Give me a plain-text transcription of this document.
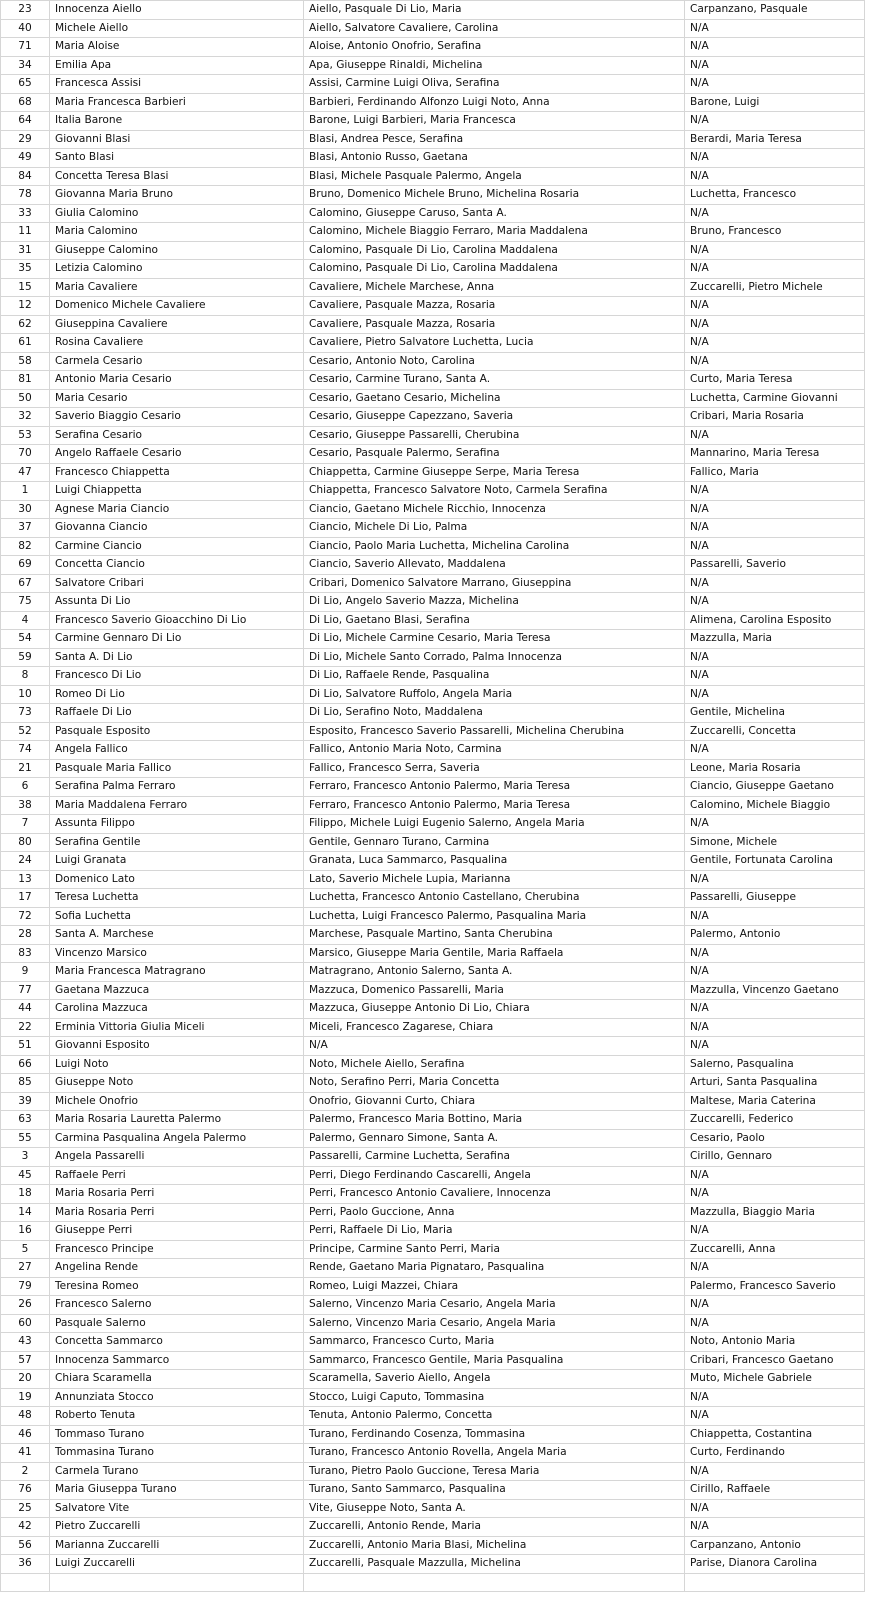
23	Innocenza Aiello	Aiello, Pasquale Di Lio, Maria	Carpanzano, Pasquale
40	Michele Aiello	Aiello, Salvatore Cavaliere, Carolina	N/A
71	Maria Aloise	Aloise, Antonio Onofrio, Serafina	N/A
34	Emilia Apa	Apa, Giuseppe Rinaldi, Michelina	N/A
65	Francesca Assisi	Assisi, Carmine Luigi Oliva, Serafina	N/A
68	Maria Francesca Barbieri	Barbieri, Ferdinando Alfonzo Luigi Noto, Anna	Barone, Luigi
64	Italia Barone	Barone, Luigi Barbieri, Maria Francesca	N/A
29	Giovanni Blasi	Blasi, Andrea Pesce, Serafina	Berardi, Maria Teresa
49	Santo Blasi	Blasi, Antonio Russo, Gaetana	N/A
84	Concetta Teresa Blasi	Blasi, Michele Pasquale Palermo, Angela	N/A
78	Giovanna Maria Bruno	Bruno, Domenico Michele Bruno, Michelina Rosaria	Luchetta, Francesco
33	Giulia Calomino	Calomino, Giuseppe Caruso, Santa A.	N/A
11	Maria Calomino	Calomino, Michele Biaggio Ferraro, Maria Maddalena	Bruno, Francesco
31	Giuseppe Calomino	Calomino, Pasquale Di Lio, Carolina Maddalena	N/A
35	Letizia Calomino	Calomino, Pasquale Di Lio, Carolina Maddalena	N/A
15	Maria Cavaliere	Cavaliere, Michele Marchese, Anna	Zuccarelli, Pietro Michele
12	Domenico Michele Cavaliere	Cavaliere, Pasquale Mazza, Rosaria	N/A
62	Giuseppina Cavaliere	Cavaliere, Pasquale Mazza, Rosaria	N/A
61	Rosina Cavaliere	Cavaliere, Pietro Salvatore Luchetta, Lucia	N/A
58	Carmela Cesario	Cesario, Antonio Noto, Carolina	N/A
81	Antonio Maria Cesario	Cesario, Carmine Turano, Santa A.	Curto, Maria Teresa
50	Maria Cesario	Cesario, Gaetano Cesario, Michelina	Luchetta, Carmine Giovanni
32	Saverio Biaggio Cesario	Cesario, Giuseppe Capezzano, Saveria	Cribari, Maria Rosaria
53	Serafina Cesario	Cesario, Giuseppe Passarelli, Cherubina	N/A
70	Angelo Raffaele Cesario	Cesario, Pasquale Palermo, Serafina	Mannarino, Maria Teresa
47	Francesco Chiappetta	Chiappetta, Carmine Giuseppe Serpe, Maria Teresa	Fallico, Maria
1	Luigi Chiappetta	Chiappetta, Francesco Salvatore Noto, Carmela Serafina	N/A
30	Agnese Maria Ciancio	Ciancio, Gaetano Michele Ricchio, Innocenza	N/A
37	Giovanna Ciancio	Ciancio, Michele Di Lio, Palma	N/A
82	Carmine Ciancio	Ciancio, Paolo Maria Luchetta, Michelina Carolina	N/A
69	Concetta Ciancio	Ciancio, Saverio Allevato, Maddalena	Passarelli, Saverio
67	Salvatore Cribari	Cribari, Domenico Salvatore Marrano, Giuseppina	N/A
75	Assunta Di Lio	Di Lio, Angelo Saverio Mazza, Michelina	N/A
4	Francesco Saverio Gioacchino Di Lio	Di Lio, Gaetano Blasi, Serafina	Alimena, Carolina Esposito
54	Carmine Gennaro Di Lio	Di Lio, Michele Carmine Cesario, Maria Teresa	Mazzulla, Maria
59	Santa A. Di Lio	Di Lio, Michele Santo Corrado, Palma Innocenza	N/A
8	Francesco Di Lio	Di Lio, Raffaele Rende, Pasqualina	N/A
10	Romeo Di Lio	Di Lio, Salvatore Ruffolo, Angela Maria	N/A
73	Raffaele Di Lio	Di Lio, Serafino Noto, Maddalena	Gentile, Michelina
52	Pasquale Esposito	Esposito, Francesco Saverio Passarelli, Michelina Cherubina	Zuccarelli, Concetta
74	Angela Fallico	Fallico, Antonio Maria Noto, Carmina	N/A
21	Pasquale Maria Fallico	Fallico, Francesco Serra, Saveria	Leone, Maria Rosaria
6	Serafina Palma Ferraro	Ferraro, Francesco Antonio Palermo, Maria Teresa	Ciancio, Giuseppe Gaetano
38	Maria Maddalena Ferraro	Ferraro, Francesco Antonio Palermo, Maria Teresa	Calomino, Michele Biaggio
7	Assunta Filippo	Filippo, Michele Luigi Eugenio Salerno, Angela Maria	N/A
80	Serafina Gentile	Gentile, Gennaro Turano, Carmina	Simone, Michele
24	Luigi Granata	Granata, Luca Sammarco, Pasqualina	Gentile, Fortunata Carolina
13	Domenico Lato	Lato, Saverio Michele Lupia, Marianna	N/A
17	Teresa Luchetta	Luchetta, Francesco Antonio Castellano, Cherubina	Passarelli, Giuseppe
72	Sofia Luchetta	Luchetta, Luigi Francesco Palermo, Pasqualina Maria	N/A
28	Santa A. Marchese	Marchese, Pasquale Martino, Santa Cherubina	Palermo, Antonio
83	Vincenzo Marsico	Marsico, Giuseppe Maria Gentile, Maria Raffaela	N/A
9	Maria Francesca Matragrano	Matragrano, Antonio Salerno, Santa A.	N/A
77	Gaetana Mazzuca	Mazzuca, Domenico Passarelli, Maria	Mazzulla, Vincenzo Gaetano
44	Carolina Mazzuca	Mazzuca, Giuseppe Antonio Di Lio, Chiara	N/A
22	Erminia Vittoria Giulia Miceli	Miceli, Francesco Zagarese, Chiara	N/A
51	Giovanni Esposito	N/A	N/A
66	Luigi Noto	Noto, Michele Aiello, Serafina	Salerno, Pasqualina
85	Giuseppe Noto	Noto, Serafino Perri, Maria Concetta	Arturi, Santa Pasqualina
39	Michele Onofrio	Onofrio, Giovanni Curto, Chiara	Maltese, Maria Caterina
63	Maria Rosaria Lauretta Palermo	Palermo, Francesco Maria Bottino, Maria	Zuccarelli, Federico
55	Carmina Pasqualina Angela Palermo	Palermo, Gennaro Simone, Santa A.	Cesario, Paolo
3	Angela Passarelli	Passarelli, Carmine Luchetta, Serafina	Cirillo, Gennaro
45	Raffaele Perri	Perri, Diego Ferdinando Cascarelli, Angela	N/A
18	Maria Rosaria Perri	Perri, Francesco Antonio Cavaliere, Innocenza	N/A
14	Maria Rosaria Perri	Perri, Paolo Guccione, Anna	Mazzulla, Biaggio Maria
16	Giuseppe Perri	Perri, Raffaele Di Lio, Maria	N/A
5	Francesco Principe	Principe, Carmine Santo Perri, Maria	Zuccarelli, Anna
27	Angelina Rende	Rende, Gaetano Maria Pignataro, Pasqualina	N/A
79	Teresina Romeo	Romeo, Luigi Mazzei, Chiara	Palermo, Francesco Saverio
26	Francesco Salerno	Salerno, Vincenzo Maria Cesario, Angela Maria	N/A
60	Pasquale Salerno	Salerno, Vincenzo Maria Cesario, Angela Maria	N/A
43	Concetta Sammarco	Sammarco, Francesco Curto, Maria	Noto, Antonio Maria
57	Innocenza Sammarco	Sammarco, Francesco Gentile, Maria Pasqualina	Cribari, Francesco Gaetano
20	Chiara Scaramella	Scaramella, Saverio Aiello, Angela	Muto, Michele Gabriele
19	Annunziata Stocco	Stocco, Luigi Caputo, Tommasina	N/A
48	Roberto Tenuta	Tenuta, Antonio Palermo, Concetta	N/A
46	Tommaso Turano	Turano, Ferdinando Cosenza, Tommasina	Chiappetta, Costantina
41	Tommasina Turano	Turano, Francesco Antonio Rovella, Angela Maria	Curto, Ferdinando
2	Carmela Turano	Turano, Pietro Paolo Guccione, Teresa Maria	N/A
76	Maria Giuseppa Turano	Turano, Santo Sammarco, Pasqualina	Cirillo, Raffaele
25	Salvatore Vite	Vite, Giuseppe Noto, Santa A.	N/A
42	Pietro Zuccarelli	Zuccarelli, Antonio Rende, Maria	N/A
56	Marianna Zuccarelli	Zuccarelli, Antonio Maria Blasi, Michelina	Carpanzano, Antonio
36	Luigi Zuccarelli	Zuccarelli, Pasquale Mazzulla, Michelina	Parise, Dianora Carolina
